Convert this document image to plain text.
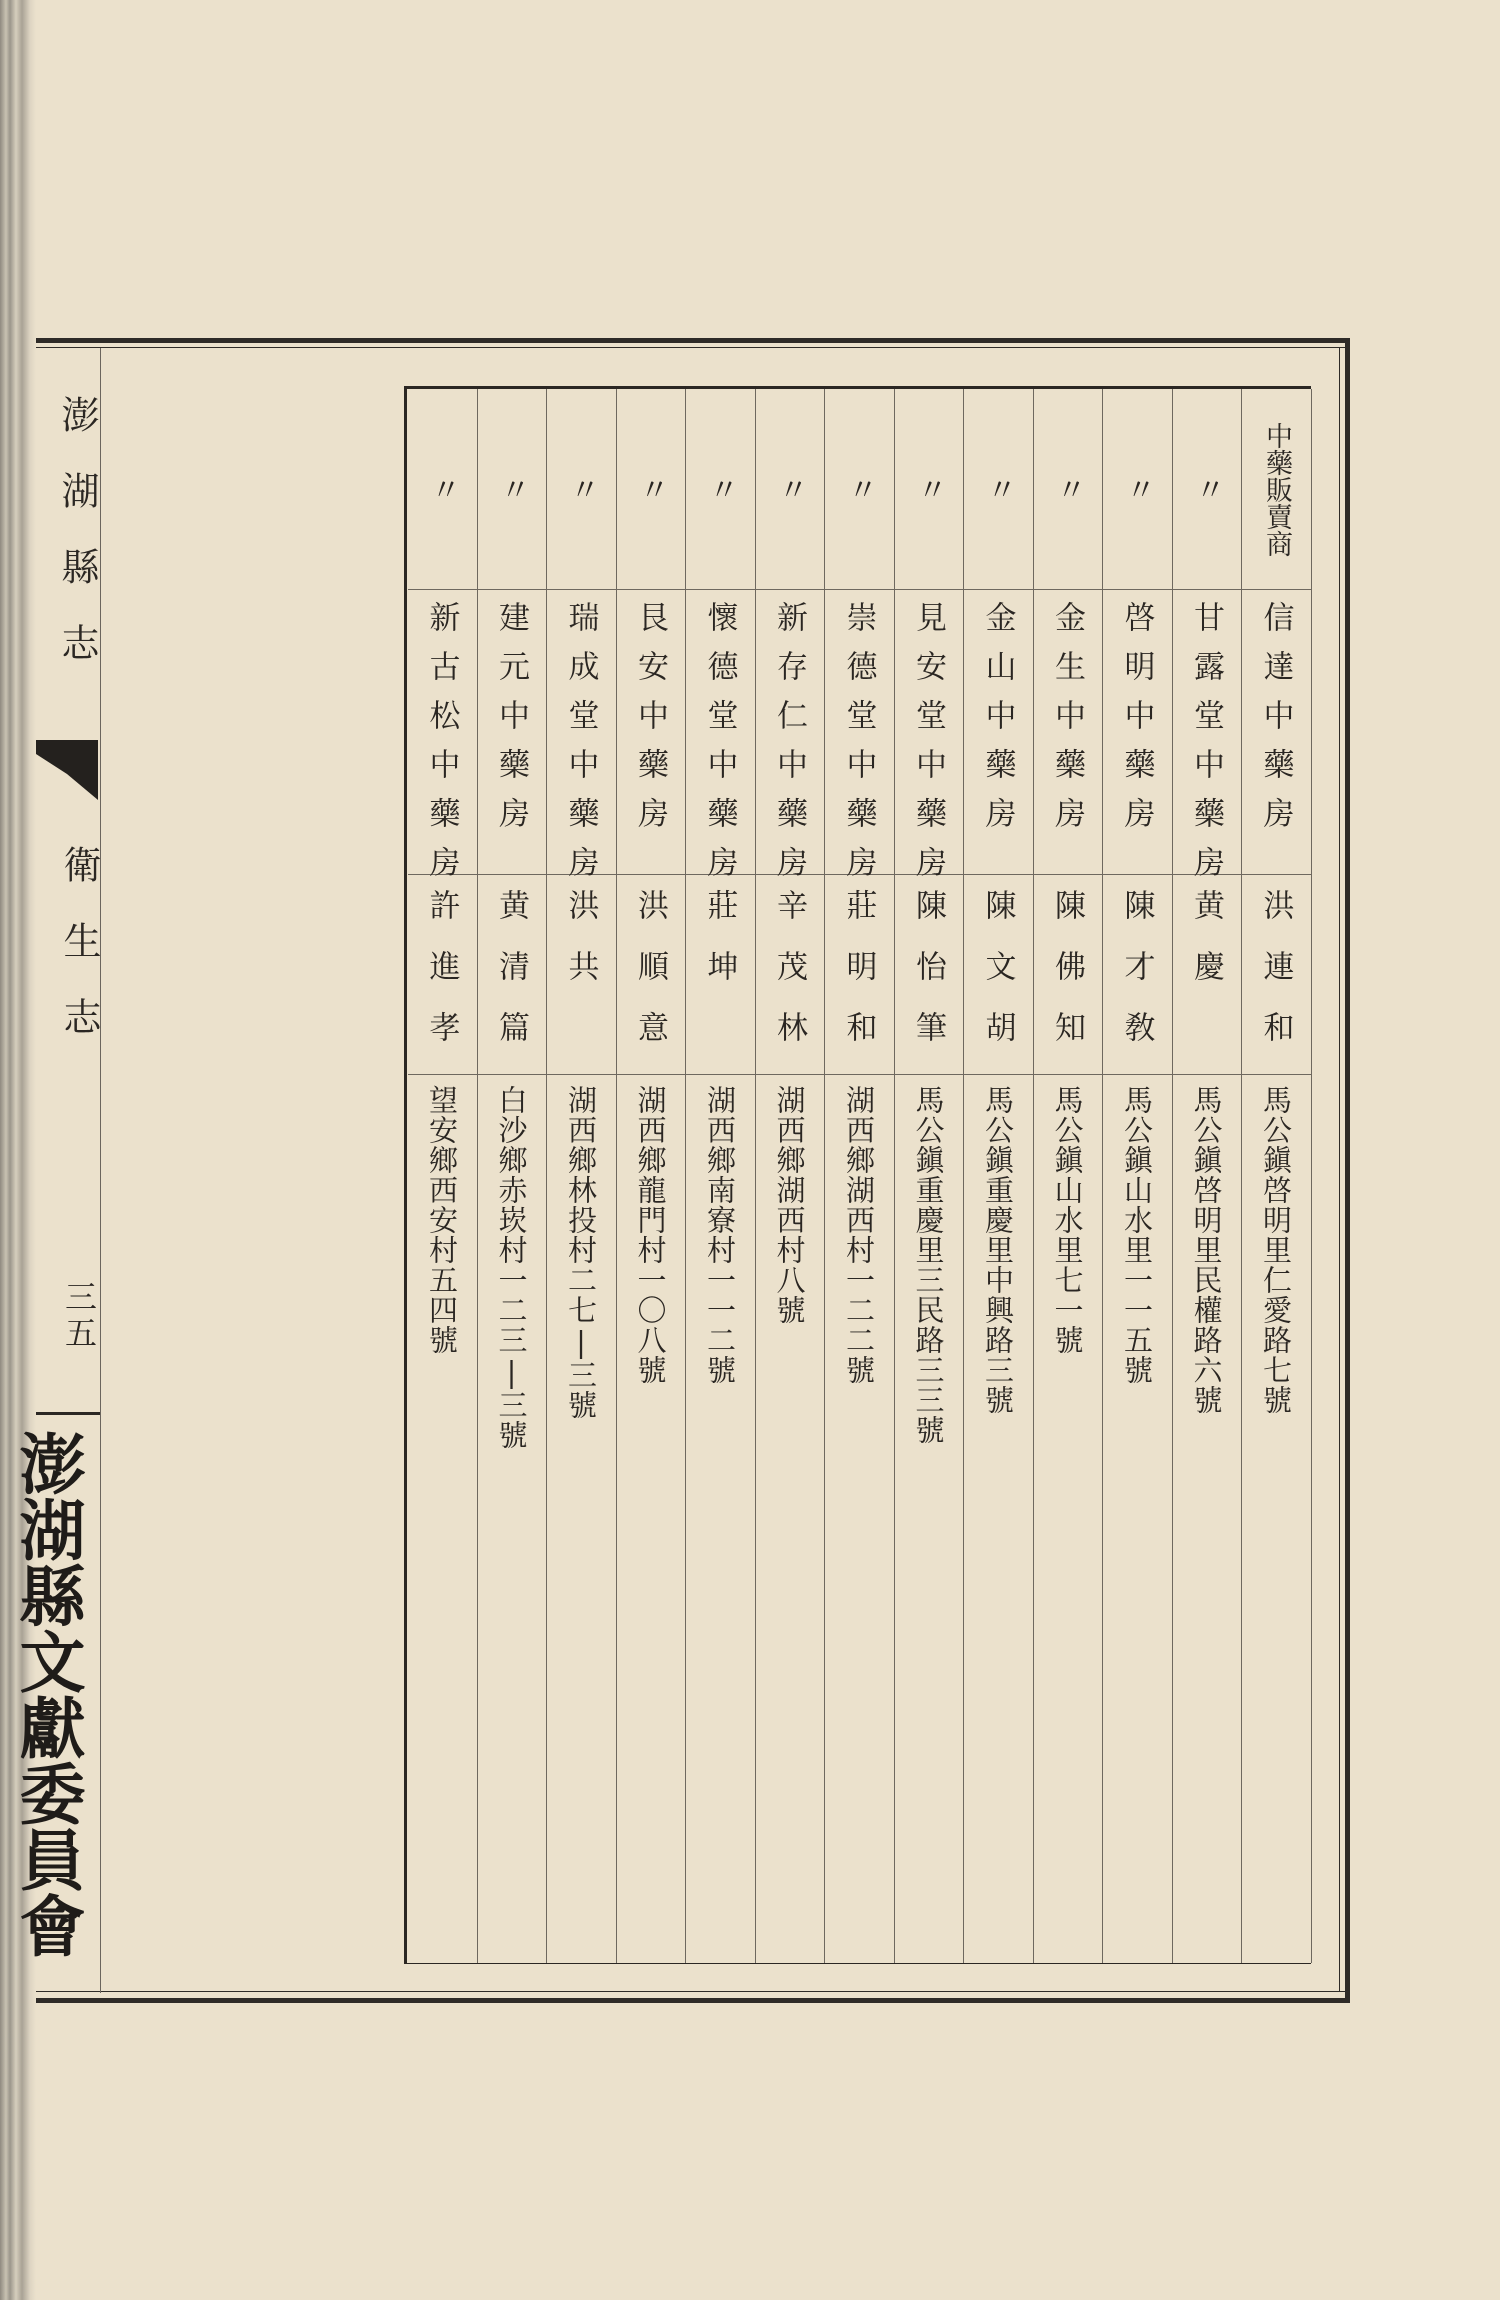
澎湖縣志
衛生志
三五
澎湖縣文獻委員會
中藥販賣商
信達中藥房
洪連和
馬公鎭啓明里仁愛路七號
〃
甘露堂中藥房
黄慶
馬公鎭啓明里民權路六號
〃
啓明中藥房
陳才敎
馬公鎭山水里一一五號
〃
金生中藥房
陳佛知
馬公鎭山水里七一號
〃
金山中藥房
陳文胡
馬公鎭重慶里中興路三號
〃
見安堂中藥房
陳怡筆
馬公鎭重慶里三民路三三號
〃
崇德堂中藥房
莊明和
湖西鄉湖西村一二二號
〃
新存仁中藥房
辛茂林
湖西鄉湖西村八號
〃
懷德堂中藥房
莊坤
湖西鄉南寮村一一二號
〃
艮安中藥房
洪順意
湖西鄉龍門村一〇八號
〃
瑞成堂中藥房
洪共
湖西鄉林投村二七|三號
〃
建元中藥房
黄清篇
白沙鄉赤崁村一二三|三號
〃
新古松中藥房
許進孝
望安鄉西安村五四號
